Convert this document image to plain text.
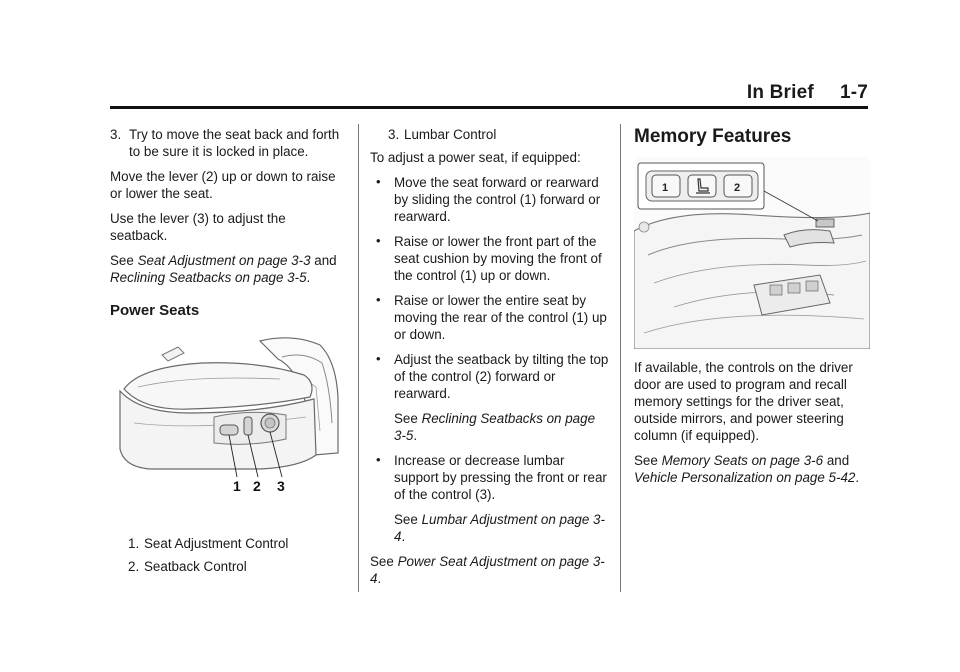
In Brief 1-7
3. Try to move the seat back and forth to be sure it is locked in place.

Move the lever (2) up or down to raise or lower the seat.

Use the lever (3) to adjust the seatback.

See Seat Adjustment on page 3-3 and Reclining Seatbacks on page 3-5.

Power Seats
1 2 3
1. Seat Adjustment Control
2. Seatback Control
3. Lumbar Control

To adjust a power seat, if equipped:

• Move the seat forward or rearward by sliding the control (1) forward or rearward.
• Raise or lower the front part of the seat cushion by moving the front of the control (1) up or down.
• Raise or lower the entire seat by moving the rear of the control (1) up or down.
• Adjust the seatback by tilting the top of the control (2) forward or rearward.
See Reclining Seatbacks on page 3-5.
• Increase or decrease lumbar support by pressing the front or rear of the control (3).
See Lumbar Adjustment on page 3-4.

See Power Seat Adjustment on page 3-4.

Memory Features
1	2

If available, the controls on the driver door are used to program and recall memory settings for the driver seat, outside mirrors, and power steering column (if equipped).

See Memory Seats on page 3-6 and Vehicle Personalization on page 5-42.
